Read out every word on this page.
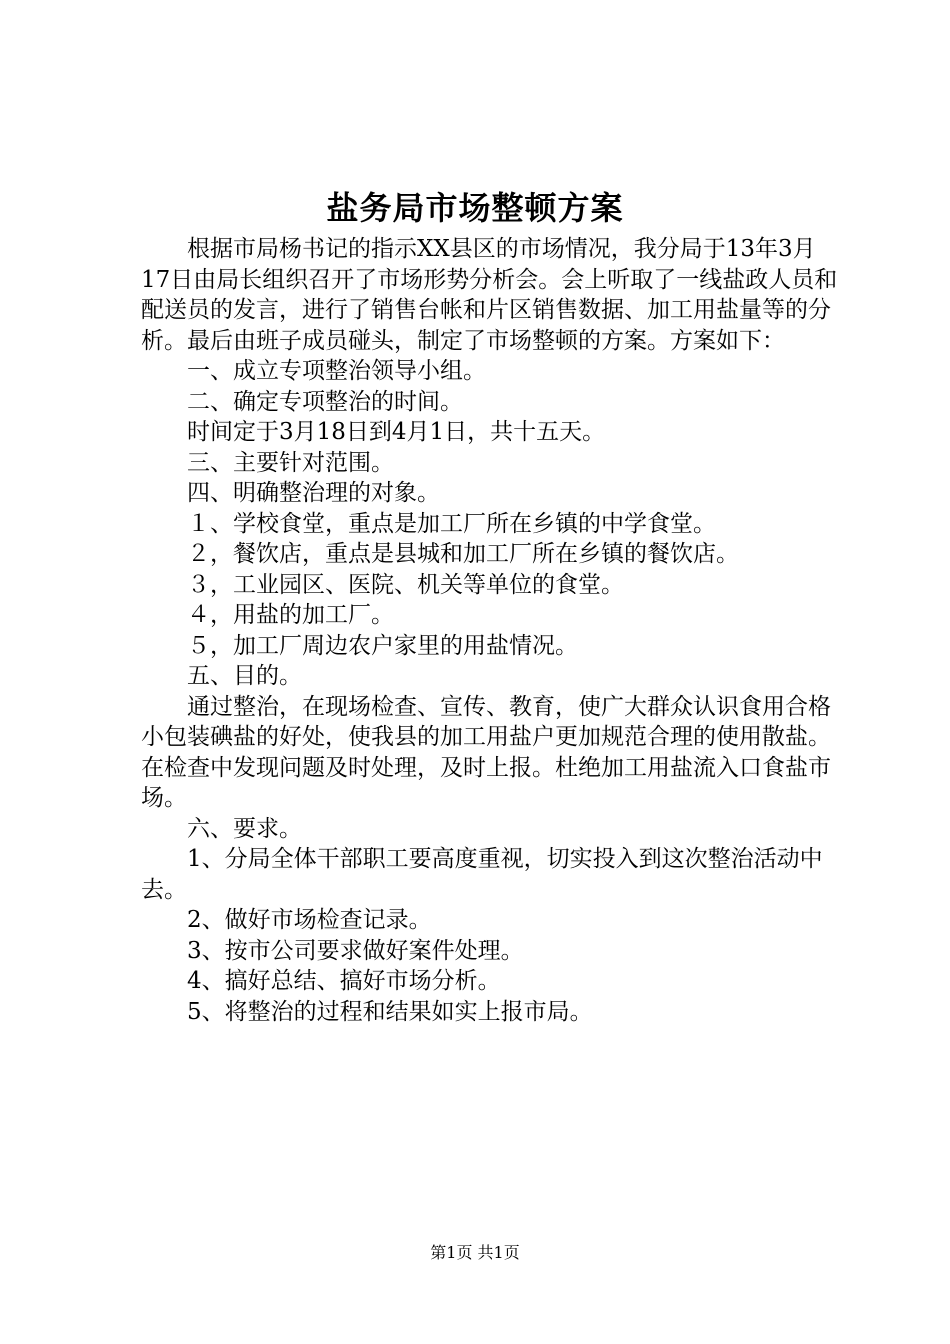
盐务局市场整顿方案

根据市局杨书记的指示XX县区的市场情况，我分局于13年3月17日由局长组织召开了市场形势分析会。会上听取了一线盐政人员和配送员的发言，进行了销售台帐和片区销售数据、加工用盐量等的分析。最后由班子成员碰头，制定了市场整顿的方案。方案如下：

一、成立专项整治领导小组。

二、确定专项整治的时间。

时间定于3月18日到4月1日，共十五天。

三、主要针对范围。

四、明确整治理的对象。

１、学校食堂，重点是加工厂所在乡镇的中学食堂。

２，餐饮店，重点是县城和加工厂所在乡镇的餐饮店。

３，工业园区、医院、机关等单位的食堂。

４，用盐的加工厂。

５，加工厂周边农户家里的用盐情况。

五、目的。

通过整治，在现场检查、宣传、教育，使广大群众认识食用合格小包装碘盐的好处，使我县的加工用盐户更加规范合理的使用散盐。在检查中发现问题及时处理，及时上报。杜绝加工用盐流入口食盐市场。

六、要求。

1、分局全体干部职工要高度重视，切实投入到这次整治活动中去。

2、做好市场检查记录。

3、按市公司要求做好案件处理。

4、搞好总结、搞好市场分析。

5、将整治的过程和结果如实上报市局。

第1页 共1页
